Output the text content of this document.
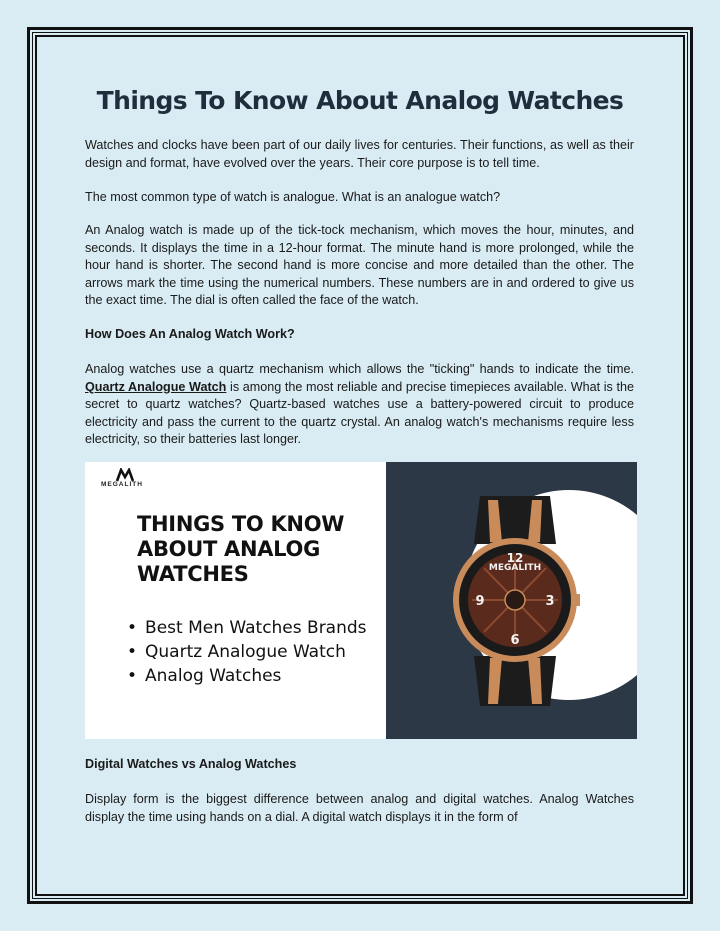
Things To Know About Analog Watches

Watches and clocks have been part of our daily lives for centuries. Their functions, as well as their design and format, have evolved over the years. Their core purpose is to tell time.

The most common type of watch is analogue. What is an analogue watch?

An Analog watch is made up of the tick-tock mechanism, which moves the hour, minutes, and seconds. It displays the time in a 12-hour format. The minute hand is more prolonged, while the hour hand is shorter. The second hand is more concise and more detailed than the other. The arrows mark the time using the numerical numbers. These numbers are in and ordered to give us the exact time. The dial is often called the face of the watch.

How Does An Analog Watch Work?

Analog watches use a quartz mechanism which allows the "ticking" hands to indicate the time. Quartz Analogue Watch is among the most reliable and precise timepieces available. What is the secret to quartz watches? Quartz-based watches use a battery-powered circuit to produce electricity and pass the current to the quartz crystal. An analog watch's mechanisms require less electricity, so their batteries last longer.

MEGALITH
THINGS TO KNOW
ABOUT ANALOG
WATCHES
• Best Men Watches Brands
• Quartz Analogue Watch
• Analog Watches
MEGALITH
12
3
6
9

Digital Watches vs Analog Watches

Display form is the biggest difference between analog and digital watches. Analog Watches display the time using hands on a dial. A digital watch displays it in the form of
